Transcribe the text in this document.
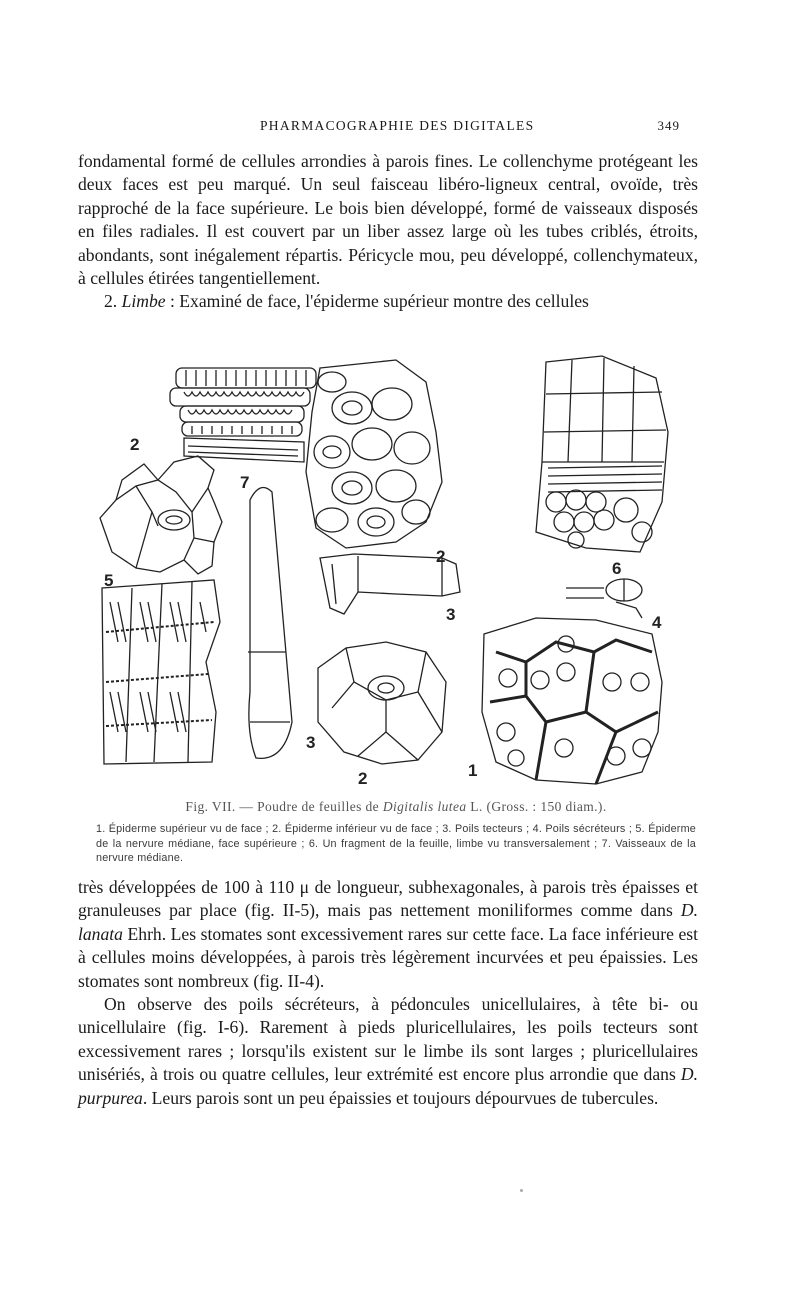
PHARMACOGRAPHIE DES DIGITALES	349

fondamental formé de cellules arrondies à parois fines. Le collenchyme protégeant les deux faces est peu marqué. Un seul faisceau libéro-ligneux central, ovoïde, très rapproché de la face supérieure. Le bois bien développé, formé de vaisseaux disposés en files radiales. Il est couvert par un liber assez large où les tubes criblés, étroits, abondants, sont inégalement répartis. Péricycle mou, peu développé, collenchymateux, à cellules étirées tangentiellement.

2. Limbe : Examiné de face, l'épiderme supérieur montre des cellules

2
7
5
2
6
3	4
3
2	1

Fig. VII. — Poudre de feuilles de Digitalis lutea L. (Gross. : 150 diam.).

1. Épiderme supérieur vu de face ; 2. Épiderme inférieur vu de face ; 3. Poils tecteurs ; 4. Poils sécréteurs ; 5. Épiderme de la nervure médiane, face supérieure ; 6. Un fragment de la feuille, limbe vu transversalement ; 7. Vaisseaux de la nervure médiane.

très développées de 100 à 110 μ de longueur, subhexagonales, à parois très épaisses et granuleuses par place (fig. II-5), mais pas nettement moniliformes comme dans D. lanata Ehrh. Les stomates sont excessivement rares sur cette face. La face inférieure est à cellules moins développées, à parois très légèrement incurvées et peu épaissies. Les stomates sont nombreux (fig. II-4).

On observe des poils sécréteurs, à pédoncules unicellulaires, à tête bi- ou unicellulaire (fig. I-6). Rarement à pieds pluricellulaires, les poils tecteurs sont excessivement rares ; lorsqu'ils existent sur le limbe ils sont larges ; pluricellulaires unisériés, à trois ou quatre cellules, leur extrémité est encore plus arrondie que dans D. purpurea. Leurs parois sont un peu épaissies et toujours dépourvues de tubercules.
